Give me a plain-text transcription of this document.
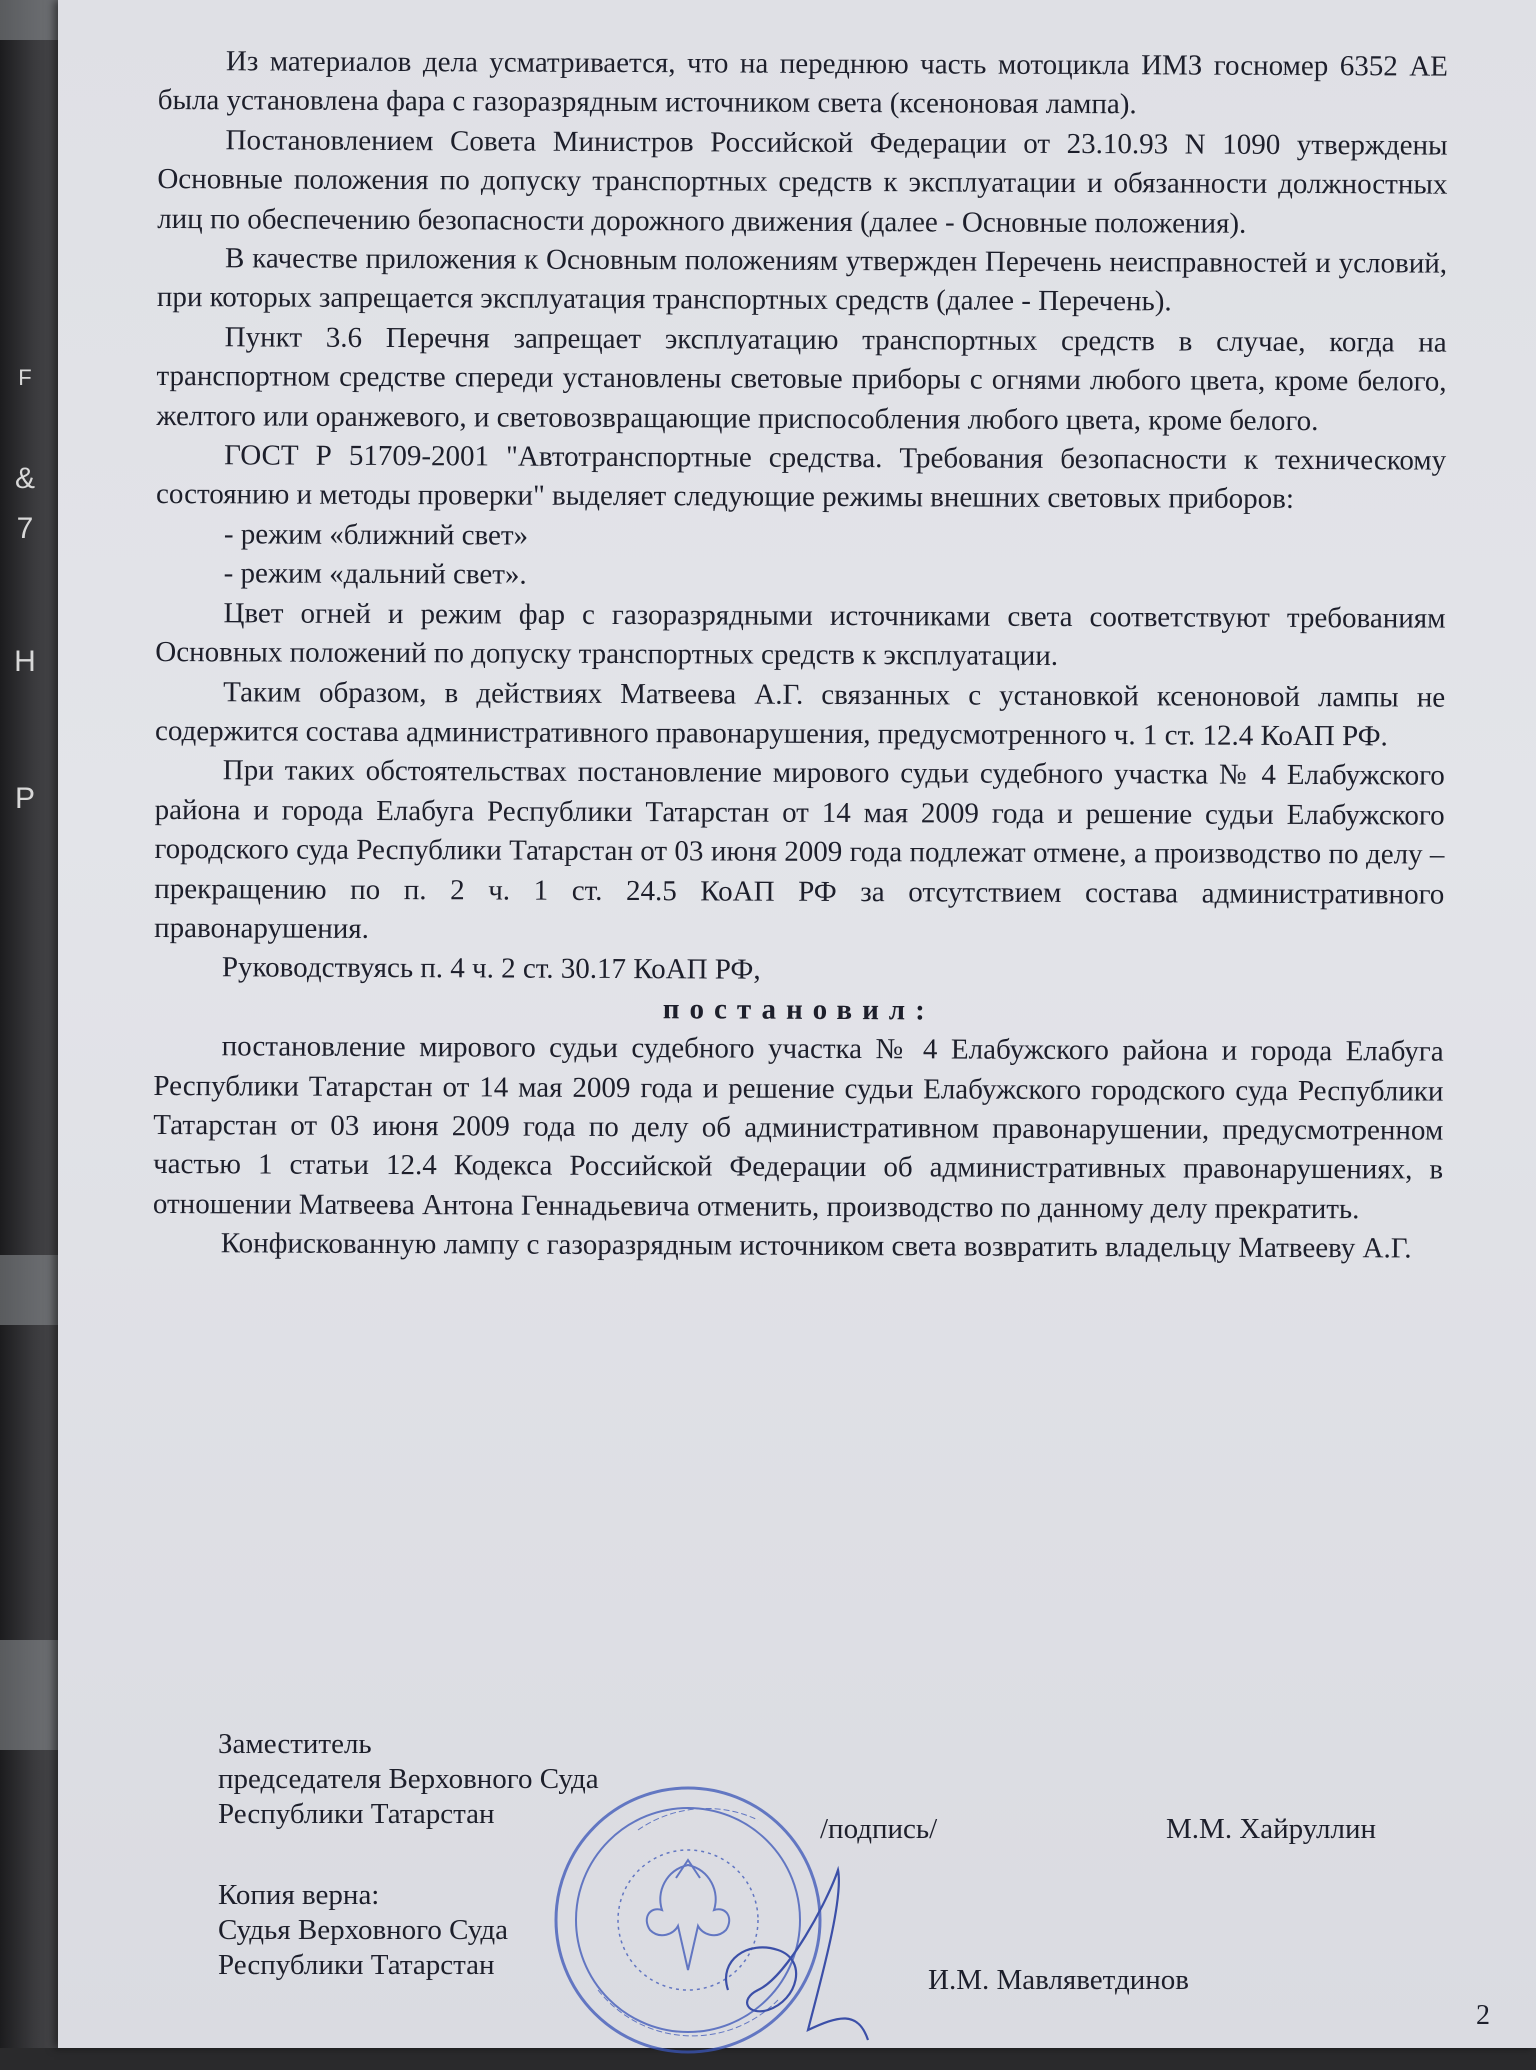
F
&
7
H
P

Из материалов дела усматривается, что на переднюю часть мотоцикла ИМЗ госномер 6352 АЕ была установлена фара с газоразрядным источником света (ксеноновая лампа).

Постановлением Совета Министров Российской Федерации от 23.10.93 N 1090 утверждены Основные положения по допуску транспортных средств к эксплуатации и обязанности должностных лиц по обеспечению безопасности дорожного движения (далее - Основные положения).

В качестве приложения к Основным положениям утвержден Перечень неисправностей и условий, при которых запрещается эксплуатация транспортных средств (далее - Перечень).

Пункт 3.6 Перечня запрещает эксплуатацию транспортных средств в случае, когда на транспортном средстве спереди установлены световые приборы с огнями любого цвета, кроме белого, желтого или оранжевого, и световозвращающие приспособления любого цвета, кроме белого.

ГОСТ Р 51709-2001 "Автотранспортные средства. Требования безопасности к техническому состоянию и методы проверки" выделяет следующие режимы внешних световых приборов:

- режим «ближний свет»

- режим «дальний свет».

Цвет огней и режим фар с газоразрядными источниками света соответствуют требованиям Основных положений по допуску транспортных средств к эксплуатации.

Таким образом, в действиях Матвеева А.Г. связанных с установкой ксеноновой лампы не содержится состава административного правонарушения, предусмотренного ч. 1 ст. 12.4 КоАП РФ.

При таких обстоятельствах постановление мирового судьи судебного участка № 4 Елабужского района и города Елабуга Республики Татарстан от 14 мая 2009 года и решение судьи Елабужского городского суда Республики Татарстан от 03 июня 2009 года подлежат отмене, а производство по делу – прекращению по п. 2 ч. 1 ст. 24.5 КоАП РФ за отсутствием состава административного правонарушения.

Руководствуясь п. 4 ч. 2 ст. 30.17 КоАП РФ,

постановил:

постановление мирового судьи судебного участка № 4 Елабужского района и города Елабуга Республики Татарстан от 14 мая 2009 года и решение судьи Елабужского городского суда Республики Татарстан от 03 июня 2009 года по делу об административном правонарушении, предусмотренном частью 1 статьи 12.4 Кодекса Российской Федерации об административных правонарушениях, в отношении Матвеева Антона Геннадьевича отменить, производство по данному делу прекратить.

Конфискованную лампу с газоразрядным источником света возвратить владельцу Матвееву А.Г.

Заместитель
председателя Верховного Суда
Республики Татарстан	/подпись/	М.М. Хайруллин
Копия верна:
Судья Верховного Суда
Республики Татарстан	И.М. Мавляветдинов
2
